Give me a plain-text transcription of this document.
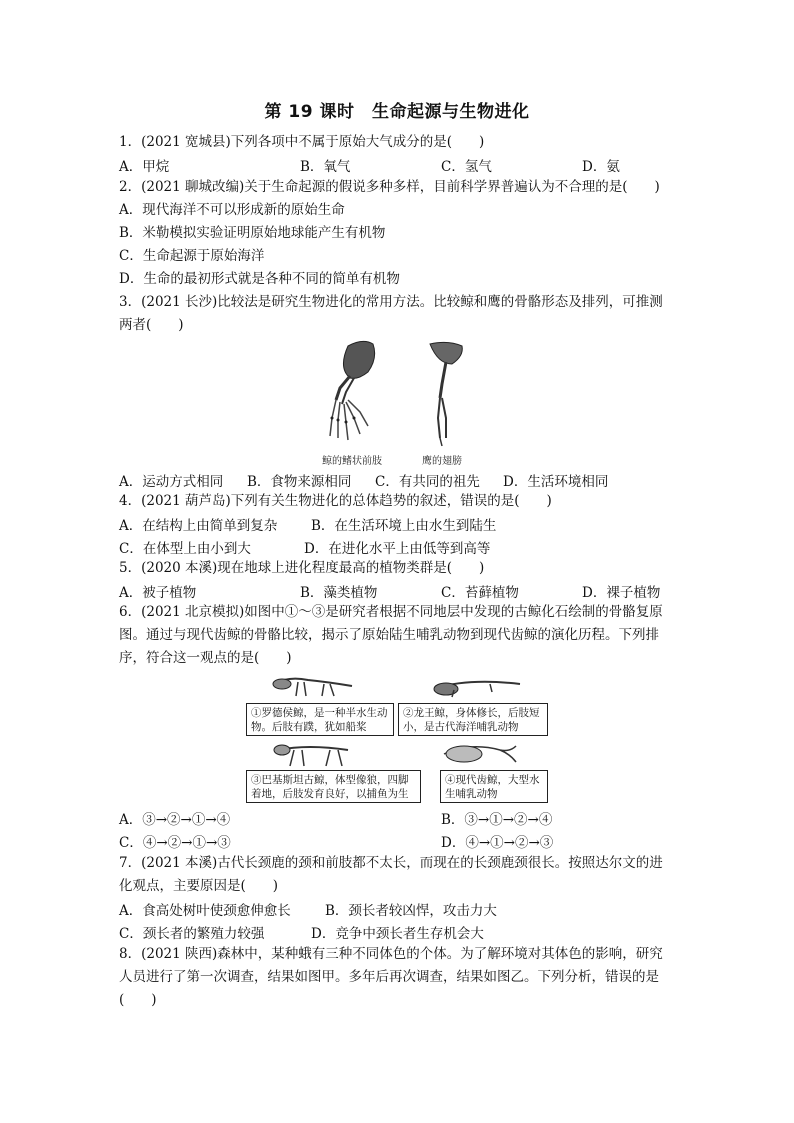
第 19 课时　生命起源与生物进化
1．(2021 宽城县)下列各项中不属于原始大气成分的是(　　)
A．甲烷	B．氧气	C．氢气	D．氨
2．(2021 聊城改编)关于生命起源的假说多种多样，目前科学界普遍认为不合理的是(　　)
A．现代海洋不可以形成新的原始生命
B．米勒模拟实验证明原始地球能产生有机物
C．生命起源于原始海洋
D．生命的最初形式就是各种不同的简单有机物
3．(2021 长沙)比较法是研究生物进化的常用方法。比较鲸和鹰的骨骼形态及排列，可推测
两者(　　)
鲸的鳍状前肢	鹰的翅膀
A．运动方式相同 B．食物来源相同 C．有共同的祖先 D．生活环境相同
4．(2021 葫芦岛)下列有关生物进化的总体趋势的叙述，错误的是(　　)
A．在结构上由简单到复杂	B．在生活环境上由水生到陆生
C．在体型上由小到大	D．在进化水平上由低等到高等
5．(2020 本溪)现在地球上进化程度最高的植物类群是(　　)
A．被子植物	B．藻类植物	C．苔藓植物	D．裸子植物
6．(2021 北京模拟)如图中①～③是研究者根据不同地层中发现的古鲸化石绘制的骨骼复原
图。通过与现代齿鲸的骨骼比较，揭示了原始陆生哺乳动物到现代齿鲸的演化历程。下列排
序，符合这一观点的是(　　)
①罗德侯鲸，是一种半水生动物。后肢有蹼，犹如船桨
②龙王鲸，身体修长，后肢短小，是古代海洋哺乳动物
③巴基斯坦古鲸，体型像狼，四脚着地，后肢发育良好，以捕鱼为生
④现代齿鲸，大型水生哺乳动物
A．③→②→①→④	B．③→①→②→④
C．④→②→①→③	D．④→①→②→③
7．(2021 本溪)古代长颈鹿的颈和前肢都不太长，而现在的长颈鹿颈很长。按照达尔文的进
化观点，主要原因是(　　)
A．食高处树叶使颈愈伸愈长	B．颈长者较凶悍，攻击力大
C．颈长者的繁殖力较强	D．竞争中颈长者生存机会大
8．(2021 陕西)森林中，某种蛾有三种不同体色的个体。为了解环境对其体色的影响，研究
人员进行了第一次调查，结果如图甲。多年后再次调查，结果如图乙。下列分析，错误的是
(　　)
